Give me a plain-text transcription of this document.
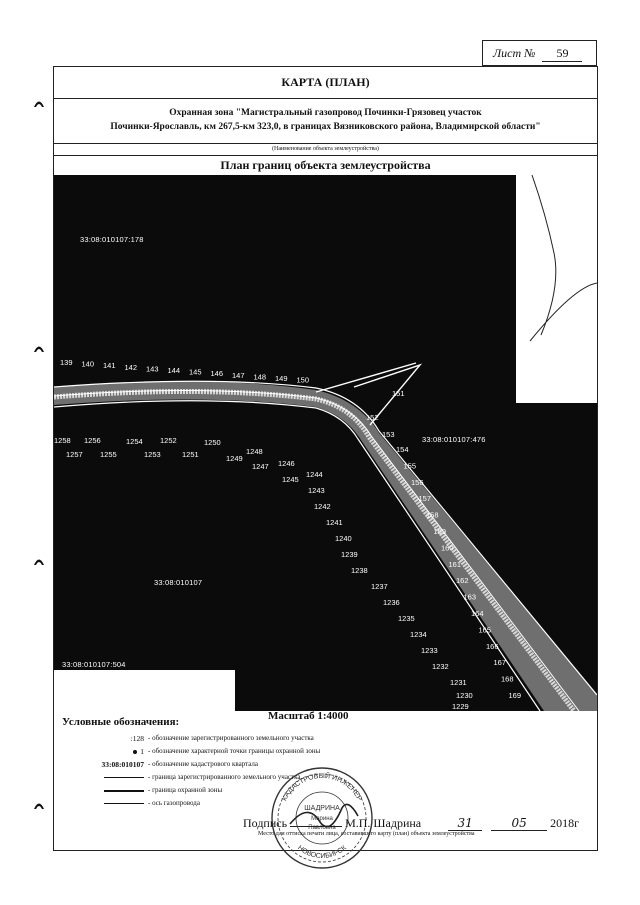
Лист № 59
КАРТА (ПЛАН)
Охранная зона "Магистральный газопровод Починки-Грязовец участок
Починки-Ярославль, км 267,5-км 323,0, в границах Вязниковского района, Владимирской области"
(Наименование объекта землеустройства)
План границ объекта землеустройства
139 140 141 142 143 144 145 146 147 148 149 150
151
152
153
154
155
156
157
158
159
160
161
162
163
164
165
166
167
168
169
1258 1256
1257 1255
1254
1253
1252
1251
1250
1249
1248
1247 1246
1245
1244
1243
1242
1241
1240
1239
1238
1237
1236
1235
1234
1233
1232
1231
1230
1229
33:08:010107:178
33:08:010107:476
33:08:010107
33:08:010107:504
Масштаб 1:4000
Условные обозначения:
:128 - обозначение зарегистрированного земельного участка
1 - обозначение характерной точки границы охранной зоны
33:08:010107 - обозначение кадастрового квартала
- граница зарегистрированного земельного участка
- граница охранной зоны
- ось газопровода
КАДАСТРОВЫЙ ИНЖЕНЕР
НОВОСИБИРСК
ШАДРИНА
Марина
Павловна
Подпись	М.П. Шадрина	31	05 2018г
Место для оттиска печати лица, составившего карту (план) объекта землеустройства
